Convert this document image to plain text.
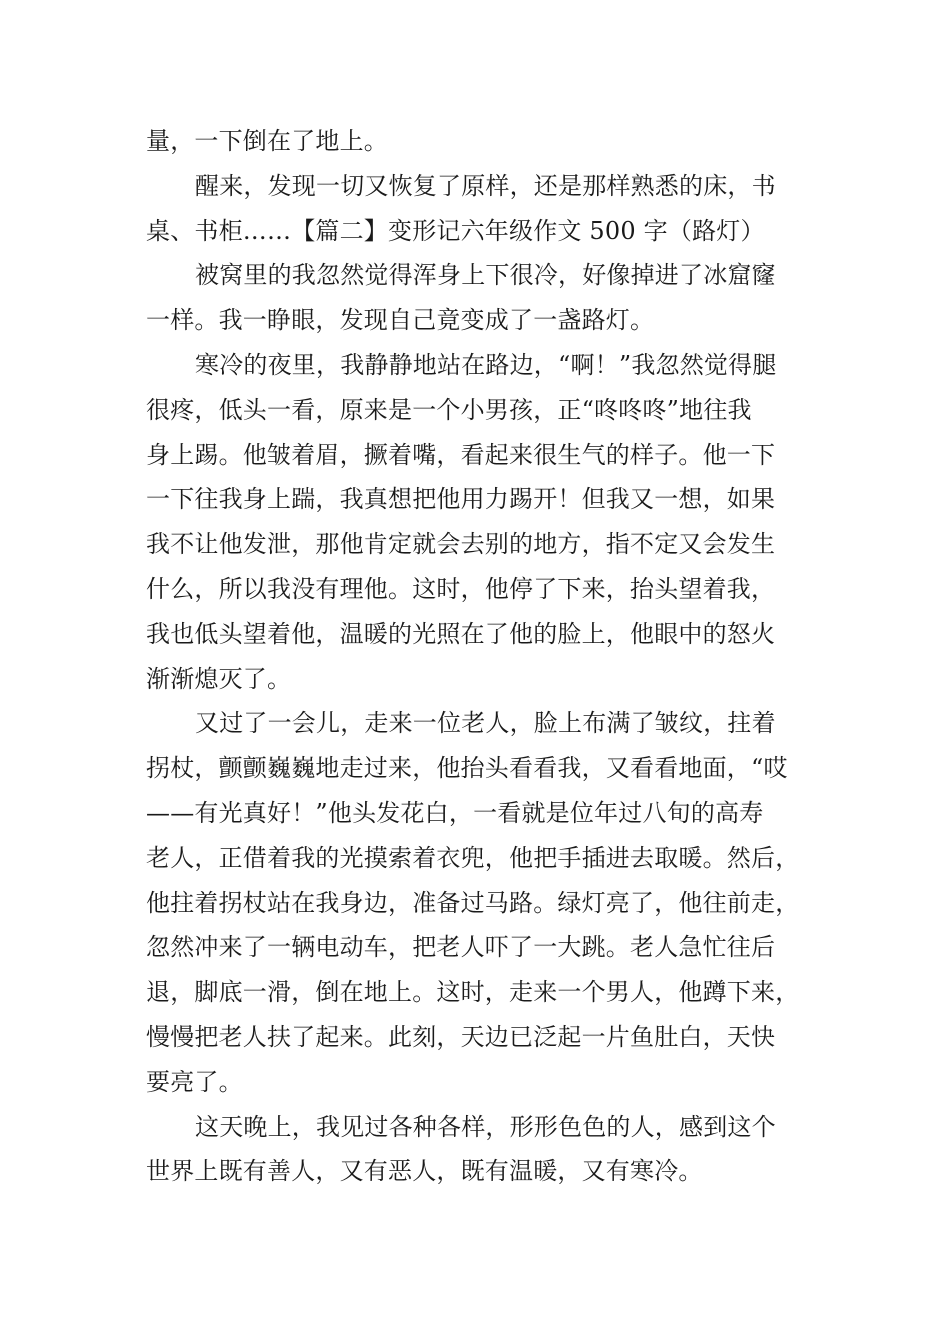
量，一下倒在了地上。
醒来，发现一切又恢复了原样，还是那样熟悉的床，书
桌、书柜……【篇二】变形记六年级作文 500 字（路灯）
被窝里的我忽然觉得浑身上下很冷，好像掉进了冰窟窿
一样。我一睁眼，发现自己竟变成了一盏路灯。
寒冷的夜里，我静静地站在路边，“啊！”我忽然觉得腿
很疼，低头一看，原来是一个小男孩，正“咚咚咚”地往我
身上踢。他皱着眉，撅着嘴，看起来很生气的样子。他一下
一下往我身上踹，我真想把他用力踢开！但我又一想，如果
我不让他发泄，那他肯定就会去别的地方，指不定又会发生
什么，所以我没有理他。这时，他停了下来，抬头望着我，
我也低头望着他，温暖的光照在了他的脸上，他眼中的怒火
渐渐熄灭了。
又过了一会儿，走来一位老人，脸上布满了皱纹，拄着
拐杖，颤颤巍巍地走过来，他抬头看看我，又看看地面，“哎
——有光真好！”他头发花白，一看就是位年过八旬的高寿
老人，正借着我的光摸索着衣兜，他把手插进去取暖。然后，
他拄着拐杖站在我身边，准备过马路。绿灯亮了，他往前走，
忽然冲来了一辆电动车，把老人吓了一大跳。老人急忙往后
退，脚底一滑，倒在地上。这时，走来一个男人，他蹲下来，
慢慢把老人扶了起来。此刻，天边已泛起一片鱼肚白，天快
要亮了。
这天晚上，我见过各种各样，形形色色的人，感到这个
世界上既有善人，又有恶人，既有温暖，又有寒冷。
